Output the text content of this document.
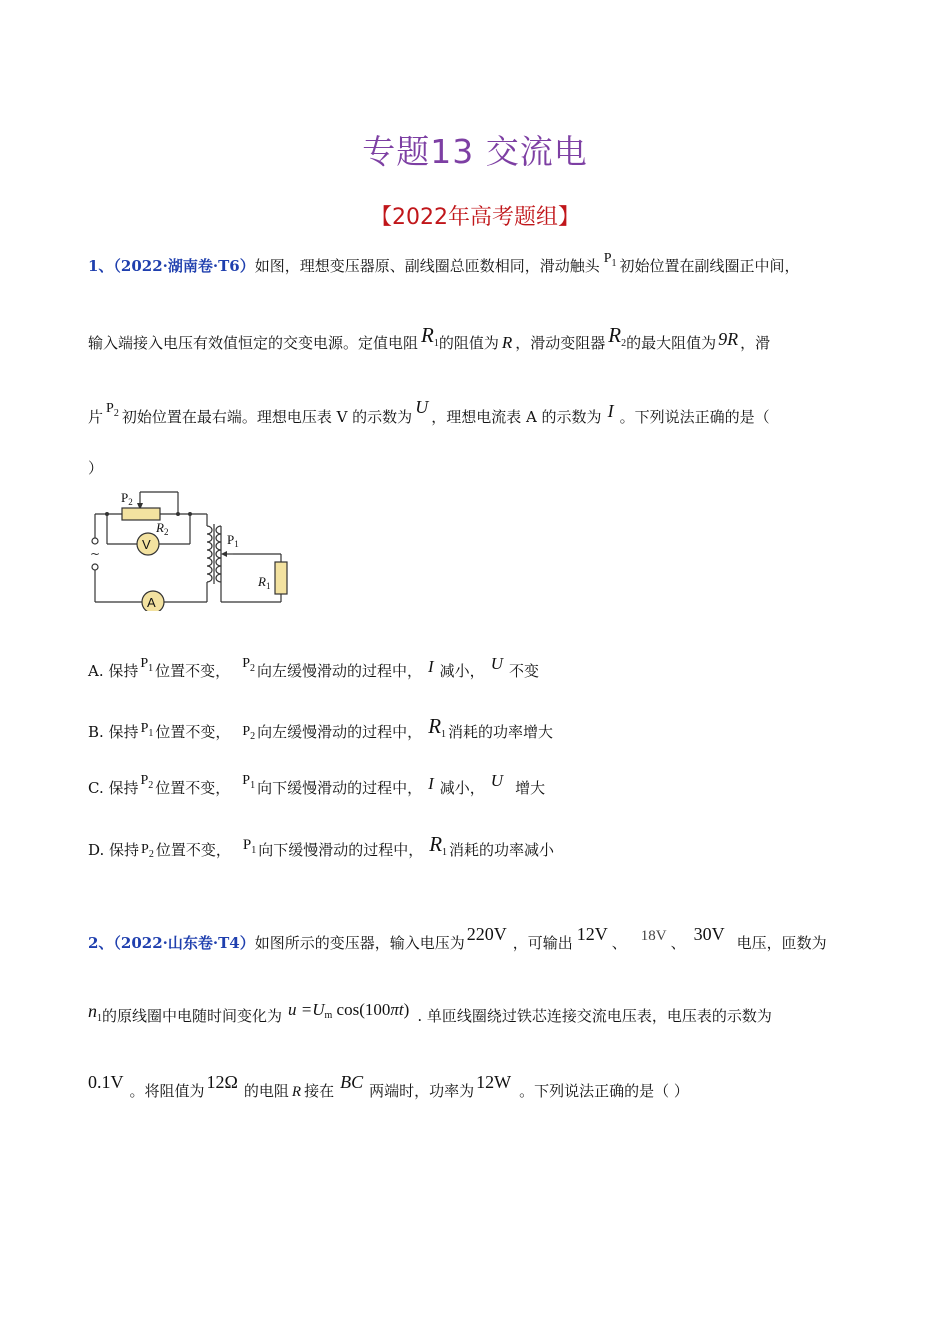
专题13 交流电
【2022年高考题组】
1、（2022·湖南卷·T6）如图，理想变压器原、副线圈总匝数相同，滑动触头 $P_1$ 初始位置在副线圈正中间，
输入端接入电压有效值恒定的交变电源。定值电阻 R1的阻值为 R ，滑动变阻器 R2的最大阻值为 9R ，滑
片 $P_2$ 初始位置在最右端。理想电压表 V 的示数为 U ，理想电流表 A 的示数为 I 。下列说法正确的是（
）
~
V
A
$P_2$
$R_2$	$P_1$
$R_1$
A. 保持 $P_1$ 位置不变， $P_2$ 向左缓慢滑动的过程中， I 减小， U 不变
B. 保持 $P_1$ 位置不变， $P_2$ 向左缓慢滑动的过程中， R1 消耗的功率增大
C. 保持 $P_2$ 位置不变， $P_1$ 向下缓慢滑动的过程中， I 减小， U 增大
D. 保持 $P_2$ 位置不变， $P_1$ 向下缓慢滑动的过程中， R1 消耗的功率减小
2、（2022·山东卷·T4）如图所示的变压器，输入电压为 220V ，可输出 12V 、 18V 、 30V 电压，匝数为
$n_1$的原线圈中电随时间变化为 u =Um cos(100πt) . 单匝线圈绕过铁芯连接交流电压表，电压表的示数为
0.1V 。将阻值为 12Ω 的电阻 R 接在 BC 两端时，功率为 12W 。下列说法正确的是（ ）
